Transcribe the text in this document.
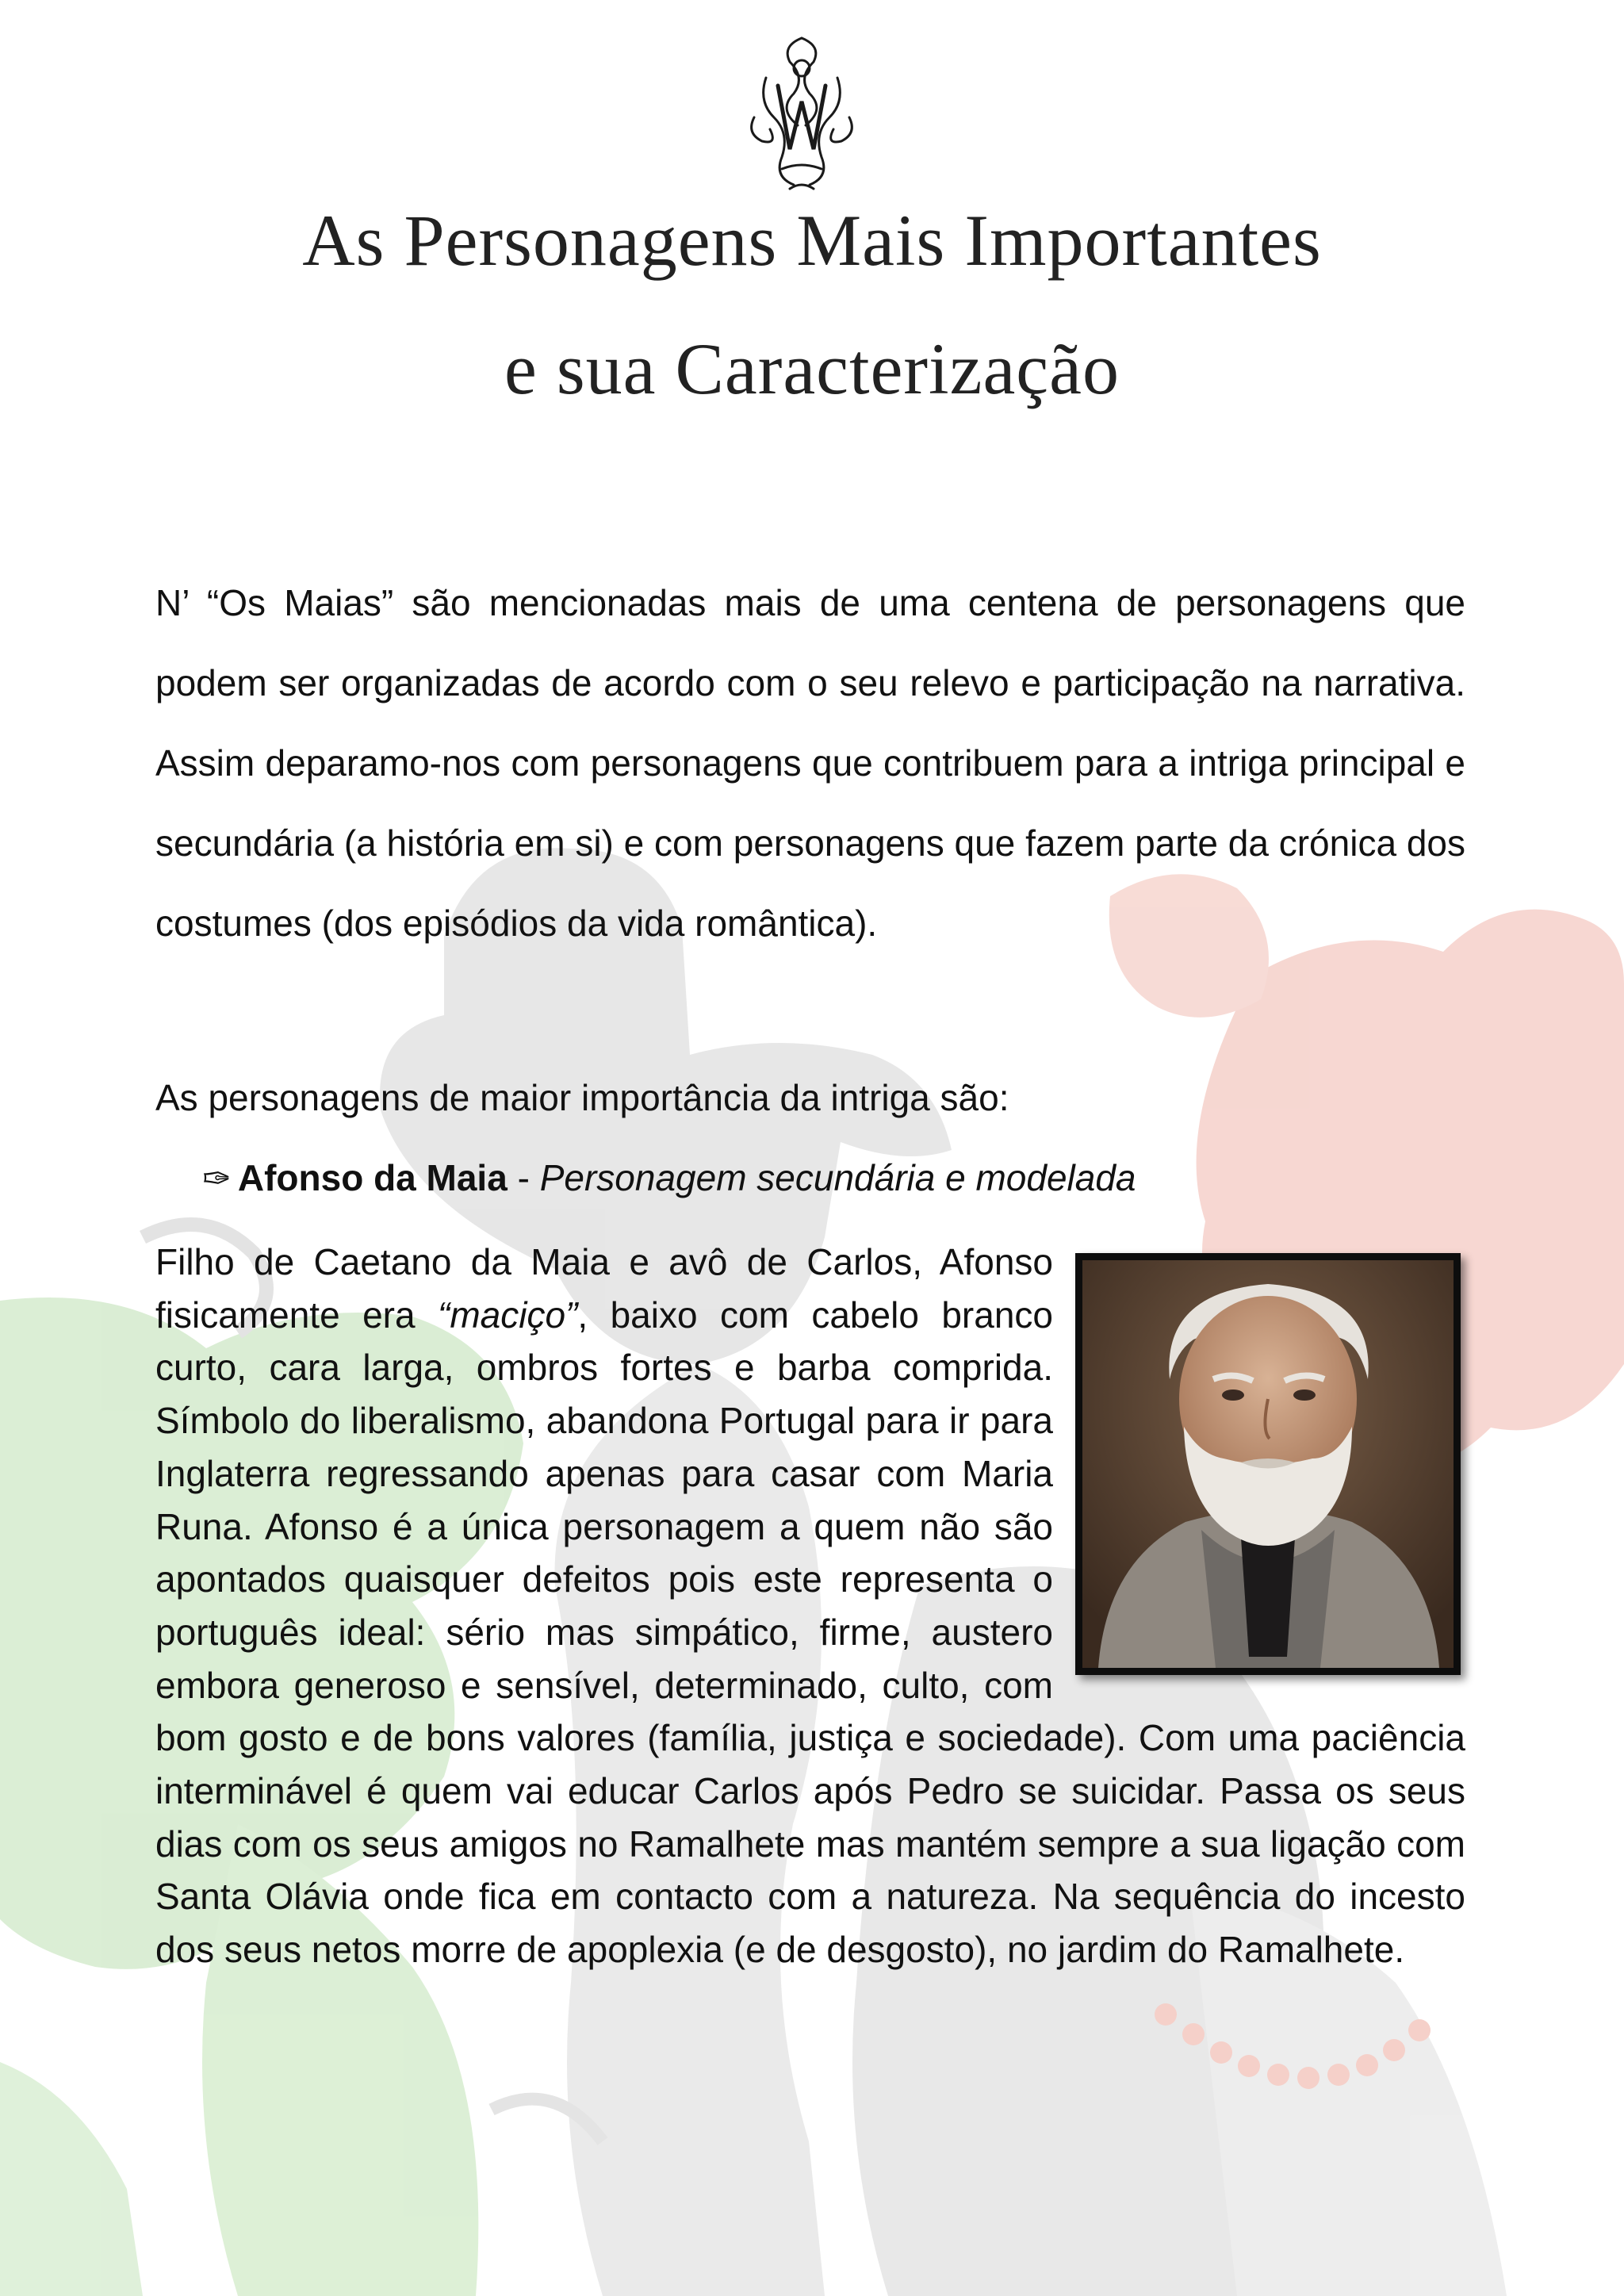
As Personagens Mais Importantes
e sua Caracterização

N’ “Os Maias” são mencionadas mais de uma centena de personagens que podem ser organizadas de acordo com o seu relevo e participação na narrativa. Assim deparamo-nos com personagens que contribuem para a intriga principal e secundária (a história em si) e com personagens que fazem parte da crónica dos costumes (dos episódios da vida romântica).

As personagens de maior importância da intriga são:

✑ Afonso da Maia - Personagem secundária e modelada

Filho de Caetano da Maia e avô de Carlos, Afonso fisicamente era “maciço”, baixo com cabelo branco curto, cara larga, ombros fortes e barba comprida. Símbolo do liberalismo, abandona Portugal para ir para Inglaterra regressando apenas para casar com Maria Runa. Afonso é a única personagem a quem não são apontados quaisquer defeitos pois este representa o português ideal: sério mas simpático, firme, austero embora generoso e sensível, determinado, culto, com bom gosto e de bons valores (família, justiça e sociedade). Com uma paciência interminável é quem vai educar Carlos após Pedro se suicidar. Passa os seus dias com os seus amigos no Ramalhete mas mantém sempre a sua ligação com Santa Olávia onde fica em contacto com a natureza. Na sequência do incesto dos seus netos morre de apoplexia (e de desgosto), no jardim do Ramalhete.
